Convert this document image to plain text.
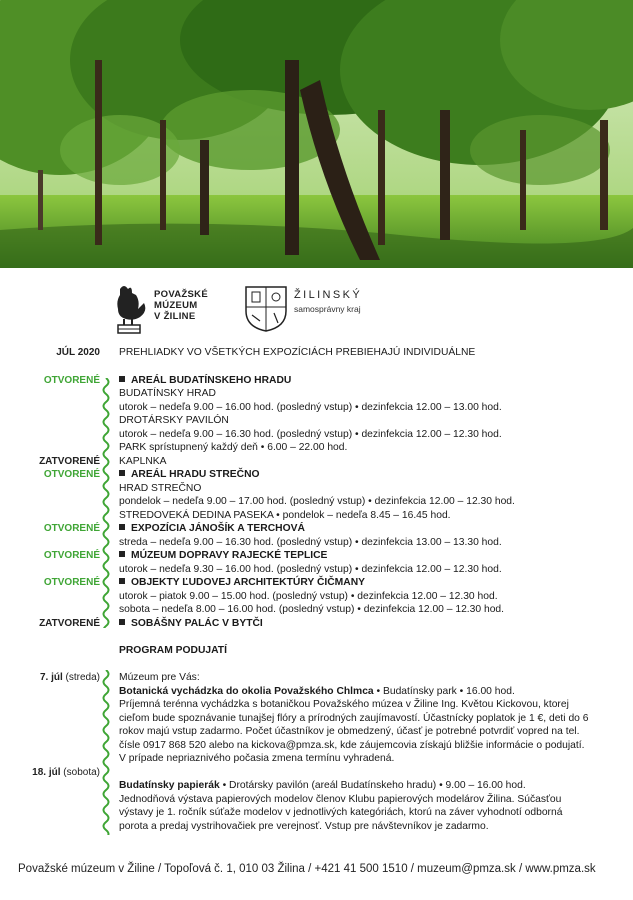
POVAŽSKÉ
MÚZEUM
V ŽILINE
ŽILINSKÝ
samosprávny kraj
JÚL 2020 PREHLIADKY VO VŠETKÝCH EXPOZÍCIÁCH PREBIEHAJÚ INDIVIDUÁLNE
OTVORENÉ	AREÁL BUDATÍNSKEHO HRADU
BUDATÍNSKY HRAD
utorok – nedeľa 9.00 – 16.00 hod. (posledný vstup) • dezinfekcia 12.00 – 13.00 hod.
DROTÁRSKY PAVILÓN
utorok – nedeľa 9.00 – 16.30 hod. (posledný vstup) • dezinfekcia 12.00 – 12.30 hod.
PARK sprístupnený každý deň • 6.00 – 22.00 hod.
ZATVORENÉ KAPLNKA
OTVORENÉ	AREÁL HRADU STREČNO
HRAD STREČNO
pondelok – nedeľa 9.00 – 17.00 hod. (posledný vstup) • dezinfekcia 12.00 – 12.30 hod.
STREDOVEKÁ DEDINA PASEKA • pondelok – nedeľa 8.45 – 16.45 hod.
OTVORENÉ	EXPOZÍCIA JÁNOŠÍK A TERCHOVÁ
streda – nedeľa 9.00 – 16.30 hod. (posledný vstup) • dezinfekcia 13.00 – 13.30 hod.
OTVORENÉ	MÚZEUM DOPRAVY RAJECKÉ TEPLICE
utorok – nedeľa 9.30 – 16.00 hod. (posledný vstup) • dezinfekcia 12.00 – 12.30 hod.
OTVORENÉ	OBJEKTY ĽUDOVEJ ARCHITEKTÚRY ČIČMANY
utorok – piatok 9.00 – 15.00 hod. (posledný vstup) • dezinfekcia 12.00 – 12.30 hod.
sobota – nedeľa 8.00 – 16.00 hod. (posledný vstup) • dezinfekcia 12.00 – 12.30 hod.
ZATVORENÉ	SOBÁŠNY PALÁC V BYTČI
PROGRAM PODUJATÍ
7. júl (streda) Múzeum pre Vás:
Botanická vychádzka do okolia Považského Chlmca • Budatínsky park • 16.00 hod.
Príjemná terénna vychádzka s botaničkou Považského múzea v Žiline Ing. Květou Kickovou, ktorej cieľom bude spoznávanie tunajšej flóry a prírodných zaujímavostí. Účastnícky poplatok je 1 €, deti do 6 rokov majú vstup zadarmo. Počet účastníkov je obmedzený, účasť je potrebné potvrdiť vopred na tel. čísle 0917 868 520 alebo na kickova@pmza.sk, kde záujemcovia získajú bližšie informácie o podujatí. V prípade nepriaznivého počasia zmena termínu vyhradená.
18. júl (sobota)
Budatínsky papierák • Drotársky pavilón (areál Budatínskeho hradu) • 9.00 – 16.00 hod.
Jednodňová výstava papierových modelov členov Klubu papierových modelárov Žilina. Súčasťou výstavy je 1. ročník súťaže modelov v jednotlivých kategóriách, ktorú na záver vyhodnotí odborná porota a predaj vystrihovačiek pre verejnosť. Vstup pre návštevníkov je zadarmo.
Považské múzeum v Žiline / Topoľová č. 1, 010 03 Žilina / +421 41 500 1510 / muzeum@pmza.sk / www.pmza.sk
